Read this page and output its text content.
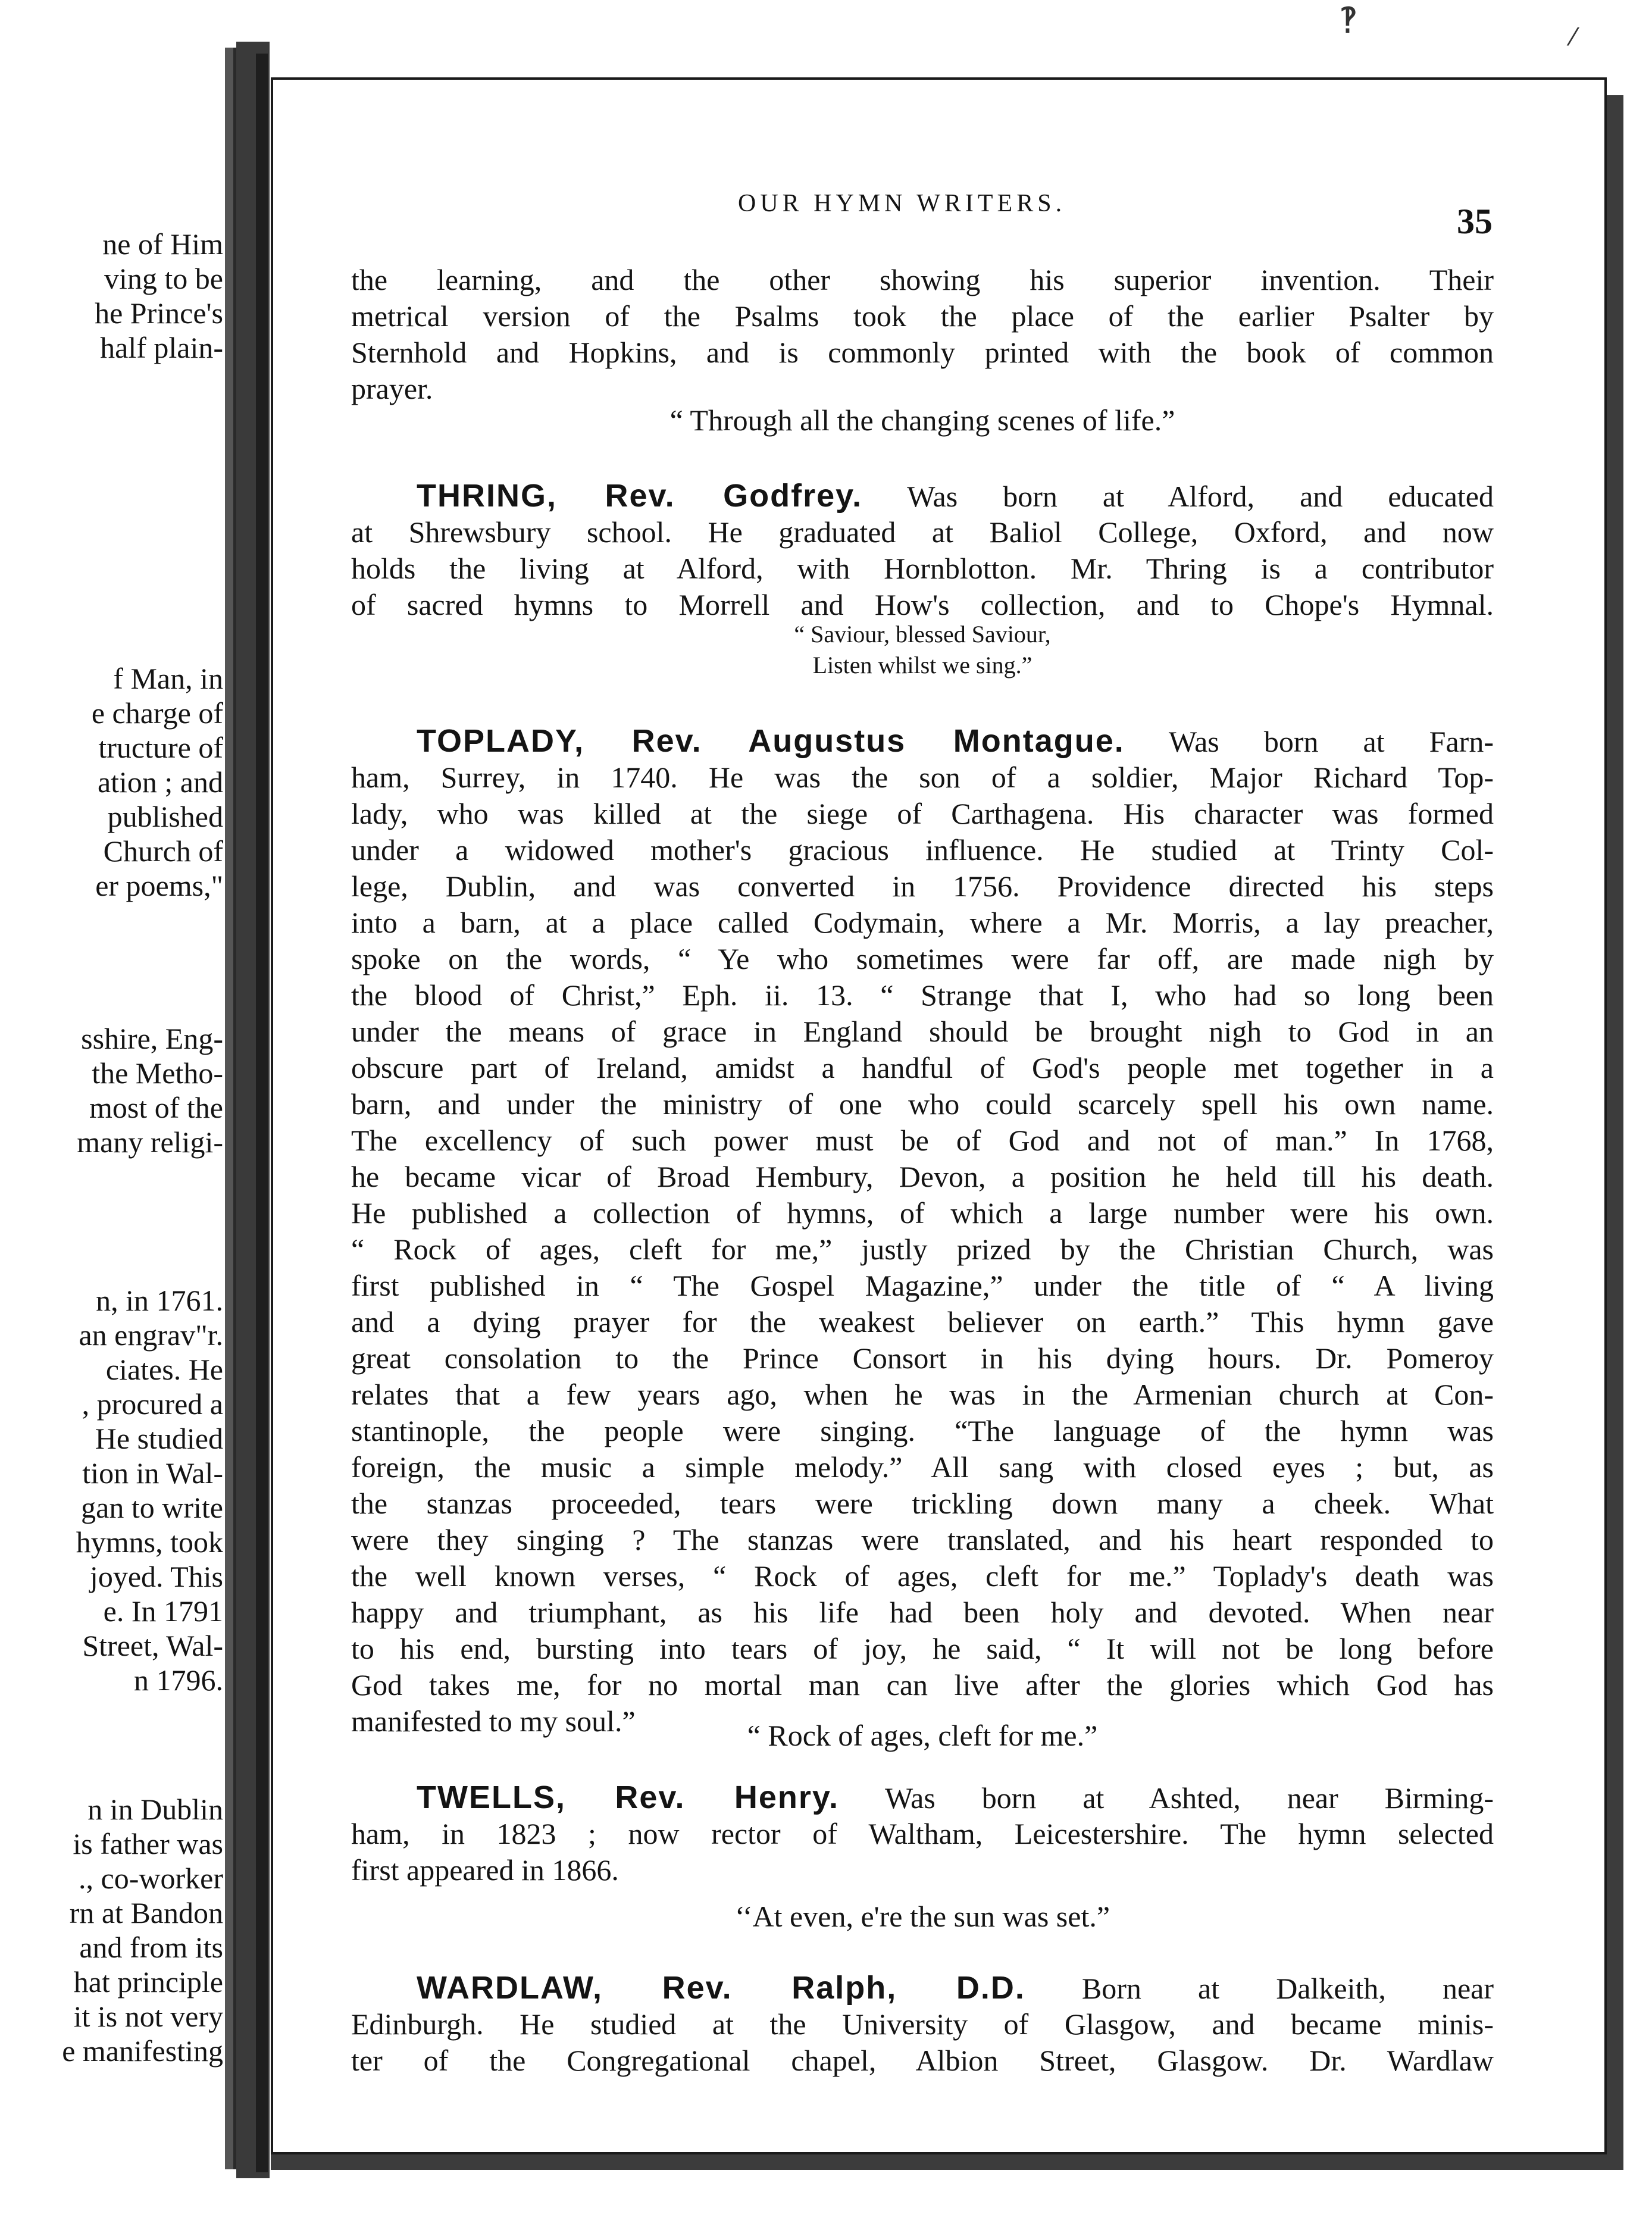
ne of Him
ving to be
he Prince's
half plain-
f Man, in
e charge of
tructure of
ation ; and
published
Church of
er poems,"
sshire, Eng-
the Metho-
most of the
many religi-
n, in 1761.
an engrav"r.
ciates. He
, procured a
He studied
tion in Wal-
gan to write
hymns, took
joyed. This
e. In 1791
Street, Wal-
n 1796.
n in Dublin
is father was
., co-worker
rn at Bandon
and from its
hat principle
it is not very
e manifesting
‽	⁄
OUR HYMN WRITERS.	35
the learning, and the other showing his superior invention. Their
metrical version of the Psalms took the place of the earlier Psalter by
Sternhold and Hopkins, and is commonly printed with the book of common
prayer.
“ Through all the changing scenes of life.”
THRING, Rev. Godfrey. Was born at Alford, and educated
at Shrewsbury school. He graduated at Baliol College, Oxford, and now
holds the living at Alford, with Hornblotton. Mr. Thring is a contributor
of sacred hymns to Morrell and How's collection, and to Chope's Hymnal.
“ Saviour, blessed Saviour,
Listen whilst we sing.”
TOPLADY, Rev. Augustus Montague. Was born at Farn-
ham, Surrey, in 1740. He was the son of a soldier, Major Richard Top-
lady, who was killed at the siege of Carthagena. His character was formed
under a widowed mother's gracious influence. He studied at Trinty Col-
lege, Dublin, and was converted in 1756. Providence directed his steps
into a barn, at a place called Codymain, where a Mr. Morris, a lay preacher,
spoke on the words, “ Ye who sometimes were far off, are made nigh by
the blood of Christ,” Eph. ii. 13. “ Strange that I, who had so long been
under the means of grace in England should be brought nigh to God in an
obscure part of Ireland, amidst a handful of God's people met together in a
barn, and under the ministry of one who could scarcely spell his own name.
The excellency of such power must be of God and not of man.” In 1768,
he became vicar of Broad Hembury, Devon, a position he held till his death.
He published a collection of hymns, of which a large number were his own.
“ Rock of ages, cleft for me,” justly prized by the Christian Church, was
first published in “ The Gospel Magazine,” under the title of “ A living
and a dying prayer for the weakest believer on earth.” This hymn gave
great consolation to the Prince Consort in his dying hours. Dr. Pomeroy
relates that a few years ago, when he was in the Armenian church at Con-
stantinople, the people were singing. “The language of the hymn was
foreign, the music a simple melody.” All sang with closed eyes ; but, as
the stanzas proceeded, tears were trickling down many a cheek. What
were they singing ? The stanzas were translated, and his heart responded to
the well known verses, “ Rock of ages, cleft for me.” Toplady's death was
happy and triumphant, as his life had been holy and devoted. When near
to his end, bursting into tears of joy, he said, “ It will not be long before
God takes me, for no mortal man can live after the glories which God has
manifested to my soul.”	“ Rock of ages, cleft for me.”
TWELLS, Rev. Henry. Was born at Ashted, near Birming-
ham, in 1823 ; now rector of Waltham, Leicestershire. The hymn selected
first appeared in 1866.
‘‘At even, e're the sun was set.”
WARDLAW, Rev. Ralph, D.D. Born at Dalkeith, near
Edinburgh. He studied at the University of Glasgow, and became minis-
ter of the Congregational chapel, Albion Street, Glasgow. Dr. Wardlaw
